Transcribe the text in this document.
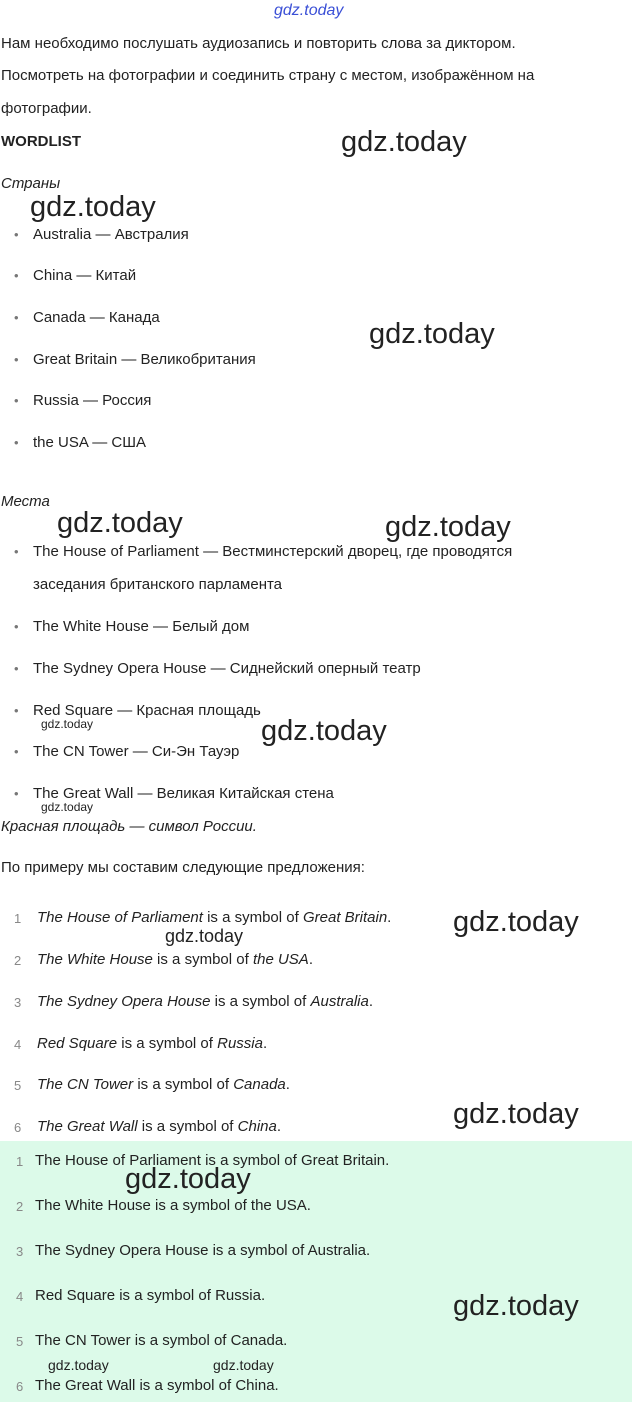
gdz.today
Нам необходимо послушать аудиозапись и повторить слова за диктором.
Посмотреть на фотографии и соединить страну с местом, изображённом на
фотографии.
WORDLIST
Страны
• Australia — Австралия
• China — Китай
• Canada — Канада
• Great Britain — Великобритания
• Russia — Россия
• the USA — США
Места
• The House of Parliament — Вестминстерский дворец, где проводятся
заседания британского парламента
• The White House — Белый дом
• The Sydney Opera House — Сиднейский оперный театр
• Red Square — Красная площадь
• The CN Tower — Си-Эн Тауэр
• The Great Wall — Великая Китайская стена
Красная площадь — символ России.
По примеру мы составим следующие предложения:
1 The House of Parliament is a symbol of Great Britain.
2 The White House is a symbol of the USA.
3 The Sydney Opera House is a symbol of Australia.
4 Red Square is a symbol of Russia.
5 The CN Tower is a symbol of Canada.
6 The Great Wall is a symbol of China.
1 The House of Parliament is a symbol of Great Britain.
2 The White House is a symbol of the USA.
3 The Sydney Opera House is a symbol of Australia.
4 Red Square is a symbol of Russia.
5 The CN Tower is a symbol of Canada.
6 The Great Wall is a symbol of China.
gdz.today
gdz.today
gdz.today
gdz.today	gdz.today
gdz.today
gdz.today
gdz.today
gdz.today
gdz.today
gdz.today
gdz.today
gdz.today
gdz.today	gdz.today
